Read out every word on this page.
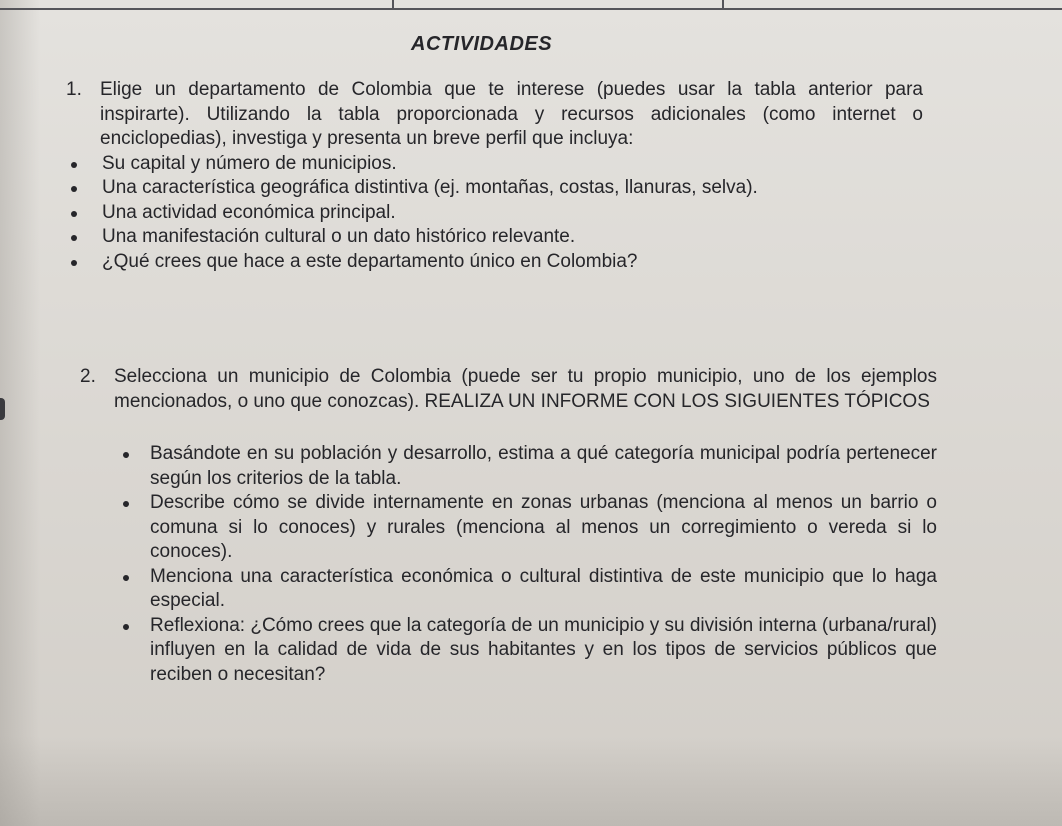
ACTIVIDADES
1. Elige un departamento de Colombia que te interese (puedes usar la tabla anterior para inspirarte). Utilizando la tabla proporcionada y recursos adicionales (como internet o enciclopedias), investiga y presenta un breve perfil que incluya:
Su capital y número de municipios.
Una característica geográfica distintiva (ej. montañas, costas, llanuras, selva).
Una actividad económica principal.
Una manifestación cultural o un dato histórico relevante.
¿Qué crees que hace a este departamento único en Colombia?
2. Selecciona un municipio de Colombia (puede ser tu propio municipio, uno de los ejemplos mencionados, o uno que conozcas). REALIZA UN INFORME CON LOS SIGUIENTES TÓPICOS
Basándote en su población y desarrollo, estima a qué categoría municipal podría pertenecer según los criterios de la tabla.
Describe cómo se divide internamente en zonas urbanas (menciona al menos un barrio o comuna si lo conoces) y rurales (menciona al menos un corregimiento o vereda si lo conoces).
Menciona una característica económica o cultural distintiva de este municipio que lo haga especial.
Reflexiona: ¿Cómo crees que la categoría de un municipio y su división interna (urbana/rural) influyen en la calidad de vida de sus habitantes y en los tipos de servicios públicos que reciben o necesitan?
